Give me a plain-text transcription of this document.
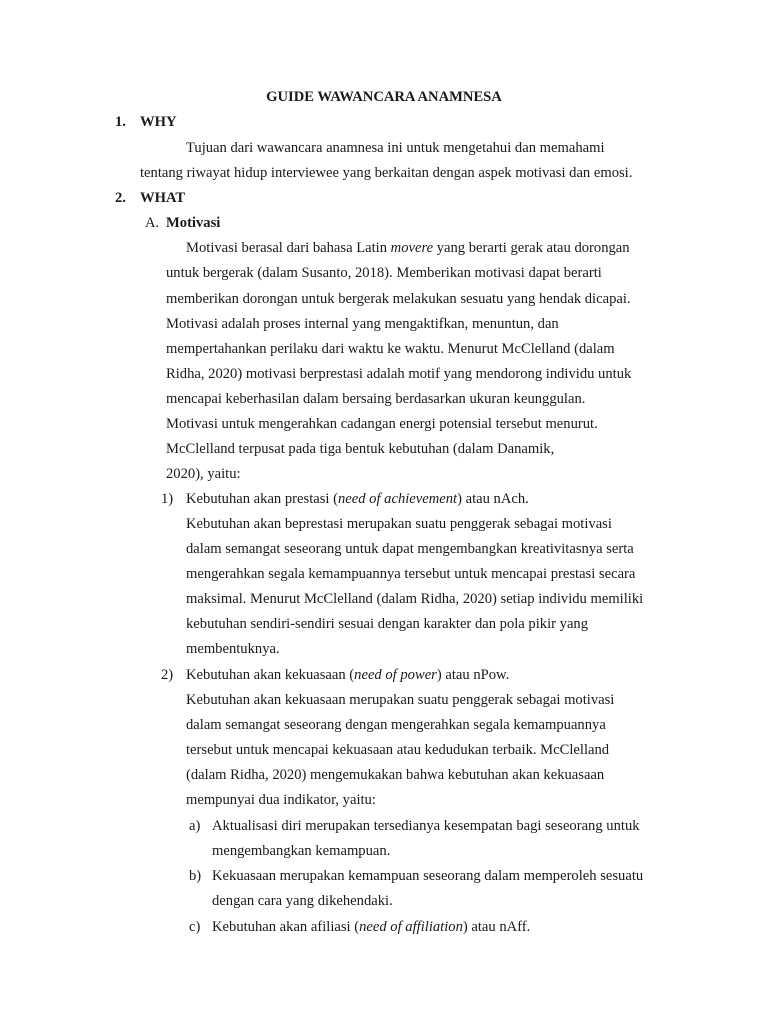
GUIDE WAWANCARA ANAMNESA
1. WHY
Tujuan dari wawancara anamnesa ini untuk mengetahui dan memahami
tentang riwayat hidup interviewee yang berkaitan dengan aspek motivasi dan emosi.
2. WHAT
A. Motivasi
Motivasi berasal dari bahasa Latin movere yang berarti gerak atau dorongan
untuk bergerak (dalam Susanto, 2018). Memberikan motivasi dapat berarti
memberikan dorongan untuk bergerak melakukan sesuatu yang hendak dicapai.
Motivasi adalah proses internal yang mengaktifkan, menuntun, dan
mempertahankan perilaku dari waktu ke waktu. Menurut McClelland (dalam
Ridha, 2020) motivasi berprestasi adalah motif yang mendorong individu untuk
mencapai keberhasilan dalam bersaing berdasarkan ukuran keunggulan.
Motivasi untuk mengerahkan cadangan energi potensial tersebut menurut.
McClelland terpusat pada tiga bentuk kebutuhan (dalam Danamik,
2020), yaitu:
1) Kebutuhan akan prestasi (need of achievement) atau nAch.
Kebutuhan akan beprestasi merupakan suatu penggerak sebagai motivasi
dalam semangat seseorang untuk dapat mengembangkan kreativitasnya serta
mengerahkan segala kemampuannya tersebut untuk mencapai prestasi secara
maksimal. Menurut McClelland (dalam Ridha, 2020) setiap individu memiliki
kebutuhan sendiri-sendiri sesuai dengan karakter dan pola pikir yang
membentuknya.
2) Kebutuhan akan kekuasaan (need of power) atau nPow.
Kebutuhan akan kekuasaan merupakan suatu penggerak sebagai motivasi
dalam semangat seseorang dengan mengerahkan segala kemampuannya
tersebut untuk mencapai kekuasaan atau kedudukan terbaik. McClelland
(dalam Ridha, 2020) mengemukakan bahwa kebutuhan akan kekuasaan
mempunyai dua indikator, yaitu:
a) Aktualisasi diri merupakan tersedianya kesempatan bagi seseorang untuk
mengembangkan kemampuan.
b) Kekuasaan merupakan kemampuan seseorang dalam memperoleh sesuatu
dengan cara yang dikehendaki.
c) Kebutuhan akan afiliasi (need of affiliation) atau nAff.
